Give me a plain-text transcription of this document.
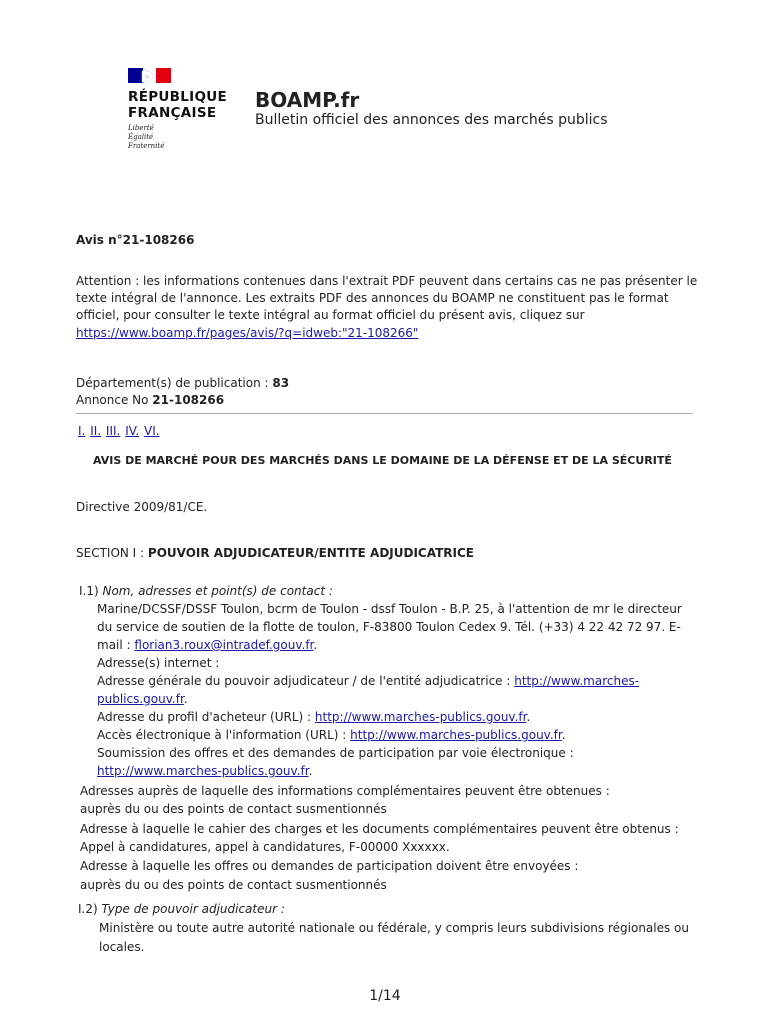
RÉPUBLIQUE
FRANÇAISE
Liberté
Égalité
Fraternité
BOAMP.fr
Bulletin officiel des annonces des marchés publics
Avis n°21-108266
Attention : les informations contenues dans l'extrait PDF peuvent dans certains cas ne pas présenter le
texte intégral de l'annonce. Les extraits PDF des annonces du BOAMP ne constituent pas le format
officiel, pour consulter le texte intégral au format officiel du présent avis, cliquez sur
https://www.boamp.fr/pages/avis/?q=idweb:"21-108266"
Département(s) de publication : 83
Annonce No 21-108266
I. II. III. IV. VI.
AVIS DE MARCHÉ POUR DES MARCHÉS DANS LE DOMAINE DE LA DÉFENSE ET DE LA SÉCURITÉ
Directive 2009/81/CE.
SECTION I : POUVOIR ADJUDICATEUR/ENTITE ADJUDICATRICE
I.1) Nom, adresses et point(s) de contact :
Marine/DCSSF/DSSF Toulon, bcrm de Toulon - dssf Toulon - B.P. 25, à l'attention de mr le directeur
du service de soutien de la flotte de toulon, F-83800 Toulon Cedex 9. Tél. (+33) 4 22 42 72 97. E-
mail : florian3.roux@intradef.gouv.fr.
Adresse(s) internet :
Adresse générale du pouvoir adjudicateur / de l'entité adjudicatrice : http://www.marches-
publics.gouv.fr.
Adresse du profil d'acheteur (URL) : http://www.marches-publics.gouv.fr.
Accès électronique à l'information (URL) : http://www.marches-publics.gouv.fr.
Soumission des offres et des demandes de participation par voie électronique :
http://www.marches-publics.gouv.fr.
Adresses auprès de laquelle des informations complémentaires peuvent être obtenues :
auprès du ou des points de contact susmentionnés
Adresse à laquelle le cahier des charges et les documents complémentaires peuvent être obtenus :
Appel à candidatures, appel à candidatures, F-00000 Xxxxxx.
Adresse à laquelle les offres ou demandes de participation doivent être envoyées :
auprès du ou des points de contact susmentionnés
I.2) Type de pouvoir adjudicateur :
Ministère ou toute autre autorité nationale ou fédérale, y compris leurs subdivisions régionales ou
locales.
1/14
